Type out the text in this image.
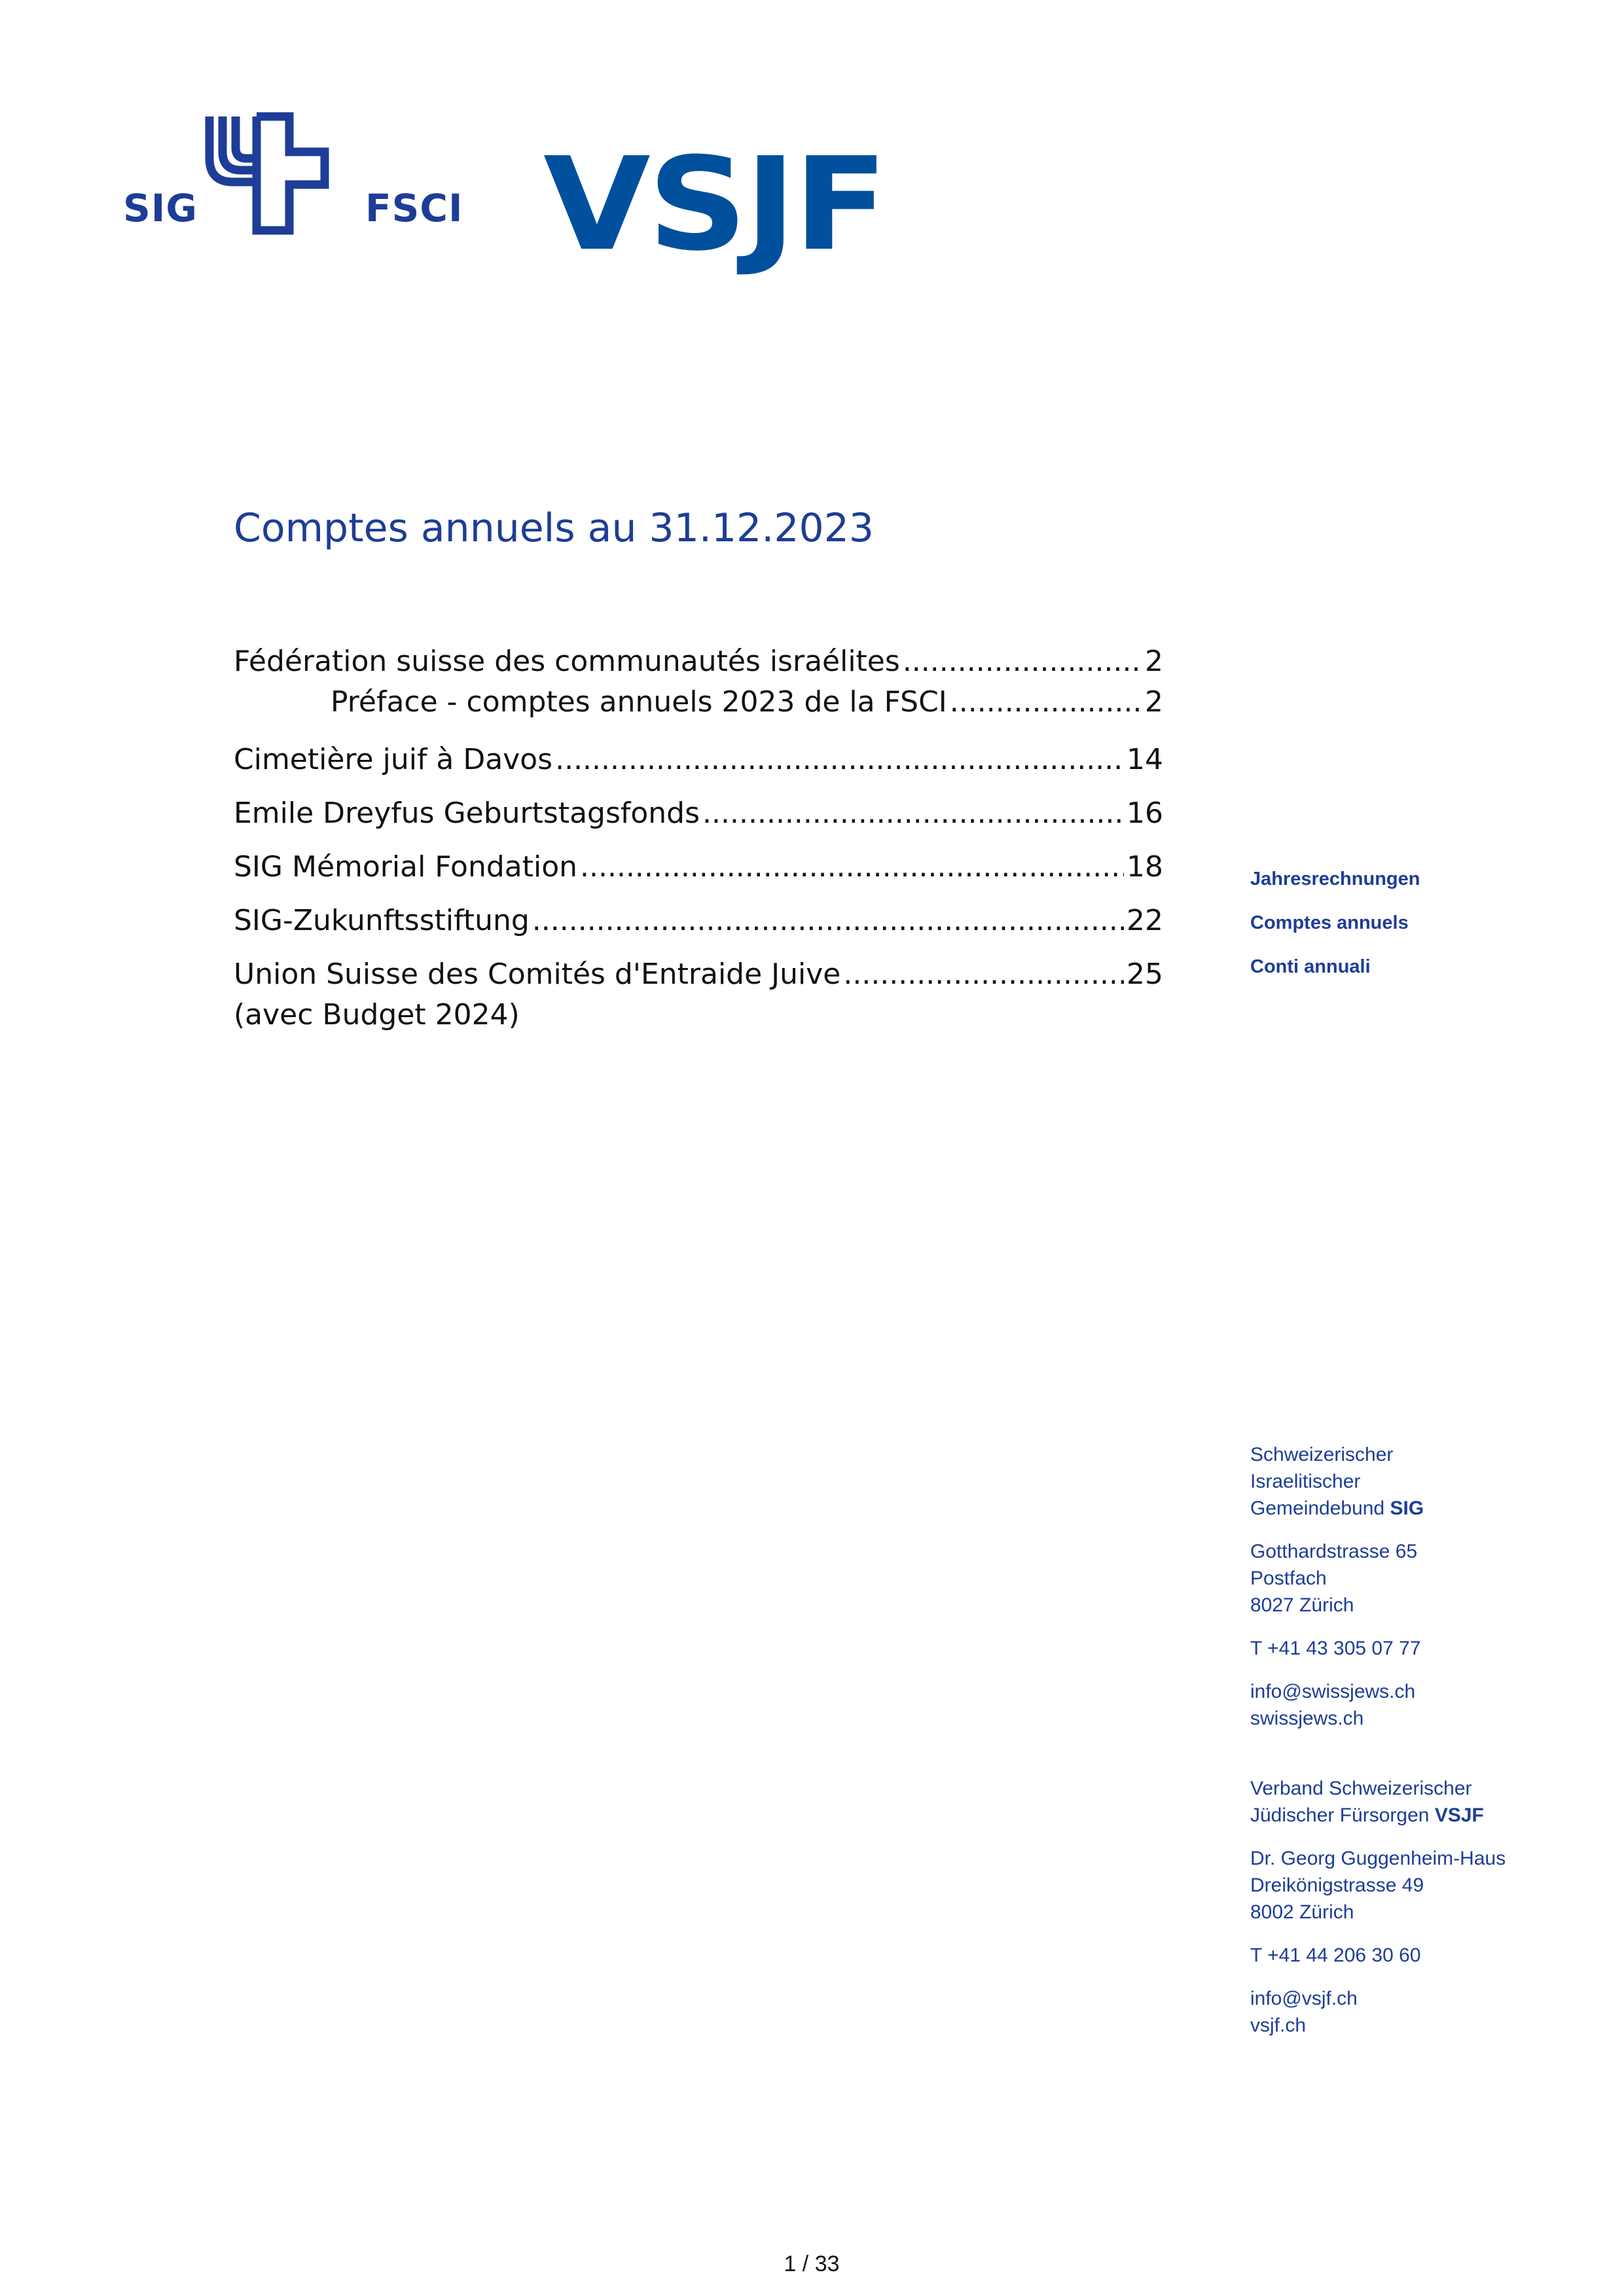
SIG	FSCI VSJF
Comptes annuels au 31.12.2023
Fédération suisse des communautés israélites .....	2
Préface - comptes annuels 2023 de la FSCI .....	2
Cimetière juif à Davos .....	14
Emile Dreyfus Geburtstagsfonds .....	16
SIG Mémorial Fondation .....	18
SIG-Zukunftsstiftung .....	22
Union Suisse des Comités d'Entraide Juive .....	25
(avec Budget 2024)
Jahresrechnungen
Comptes annuels
Conti annuali
Schweizerischer
Israelitischer
Gemeindebund SIG
Gotthardstrasse 65
Postfach
8027 Zürich
T +41 43 305 07 77
info@swissjews.ch
swissjews.ch
Verband Schweizerischer
Jüdischer Fürsorgen VSJF
Dr. Georg Guggenheim-Haus
Dreikönigstrasse 49
8002 Zürich
T +41 44 206 30 60
info@vsjf.ch
vsjf.ch
1 / 33
